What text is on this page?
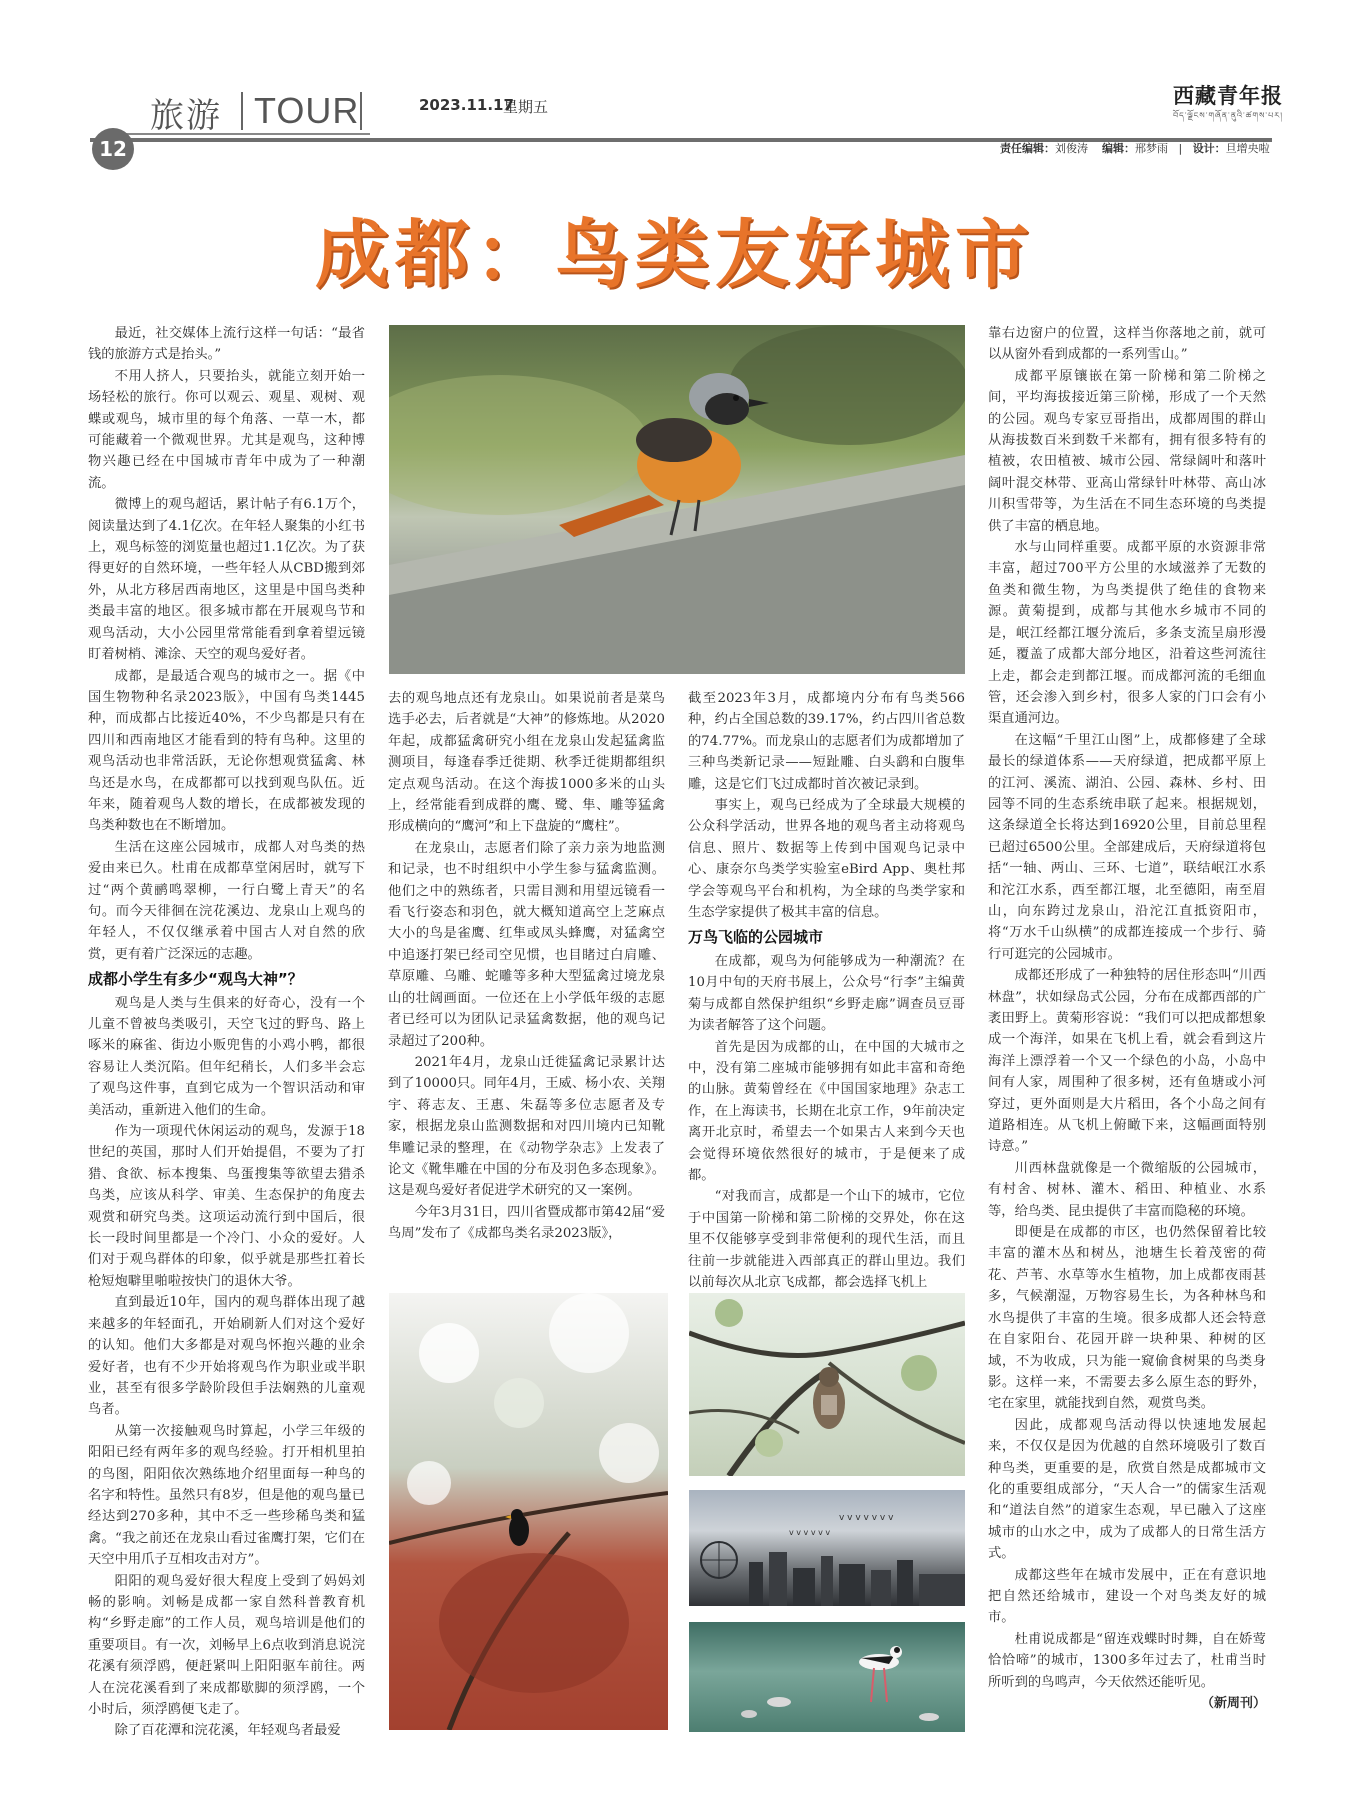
旅游 TOUR	2023.11.17
星期五	西藏青年报
བོད་ལྗོངས་གཞོན་ནུའི་ཚགས་པར།
12	责任编辑：刘俊涛 编辑：邢梦雨   |   设计：旦增央啦
成都：鸟类友好城市
v v v v v v v
v v v v v v

最近，社交媒体上流行这样一句话：“最省钱的旅游方式是抬头。”

不用人挤人，只要抬头，就能立刻开始一场轻松的旅行。你可以观云、观星、观树、观蝶或观鸟，城市里的每个角落、一草一木，都可能藏着一个微观世界。尤其是观鸟，这种博物兴趣已经在中国城市青年中成为了一种潮流。

微博上的观鸟超话，累计帖子有6.1万个，阅读量达到了4.1亿次。在年轻人聚集的小红书上，观鸟标签的浏览量也超过1.1亿次。为了获得更好的自然环境，一些年轻人从CBD搬到郊外，从北方移居西南地区，这里是中国鸟类种类最丰富的地区。很多城市都在开展观鸟节和观鸟活动，大小公园里常常能看到拿着望远镜盯着树梢、滩涂、天空的观鸟爱好者。

成都，是最适合观鸟的城市之一。据《中国生物物种名录2023版》，中国有鸟类1445种，而成都占比接近40%，不少鸟都是只有在四川和西南地区才能看到的特有鸟种。这里的观鸟活动也非常活跃，无论你想观赏猛禽、林鸟还是水鸟，在成都都可以找到观鸟队伍。近年来，随着观鸟人数的增长，在成都被发现的鸟类种数也在不断增加。

生活在这座公园城市，成都人对鸟类的热爱由来已久。杜甫在成都草堂闲居时，就写下过“两个黄鹂鸣翠柳，一行白鹭上青天”的名句。而今天徘徊在浣花溪边、龙泉山上观鸟的年轻人，不仅仅继承着中国古人对自然的欣赏，更有着广泛深远的志趣。

成都小学生有多少“观鸟大神”？

观鸟是人类与生俱来的好奇心，没有一个儿童不曾被鸟类吸引，天空飞过的野鸟、路上啄米的麻雀、街边小贩兜售的小鸡小鸭，都很容易让人类沉陷。但年纪稍长，人们多半会忘了观鸟这件事，直到它成为一个智识活动和审美活动，重新进入他们的生命。

作为一项现代休闲运动的观鸟，发源于18世纪的英国，那时人们开始提倡，不要为了打猎、食欲、标本搜集、鸟蛋搜集等欲望去猎杀鸟类，应该从科学、审美、生态保护的角度去观赏和研究鸟类。这项运动流行到中国后，很长一段时间里都是一个冷门、小众的爱好。人们对于观鸟群体的印象，似乎就是那些扛着长枪短炮噼里啪啦按快门的退休大爷。

直到最近10年，国内的观鸟群体出现了越来越多的年轻面孔，开始刷新人们对这个爱好的认知。他们大多都是对观鸟怀抱兴趣的业余爱好者，也有不少开始将观鸟作为职业或半职业，甚至有很多学龄阶段但手法娴熟的儿童观鸟者。

从第一次接触观鸟时算起，小学三年级的阳阳已经有两年多的观鸟经验。打开相机里拍的鸟图，阳阳依次熟练地介绍里面每一种鸟的名字和特性。虽然只有8岁，但是他的观鸟量已经达到270多种，其中不乏一些珍稀鸟类和猛禽。“我之前还在龙泉山看过雀鹰打架，它们在天空中用爪子互相攻击对方”。

阳阳的观鸟爱好很大程度上受到了妈妈刘畅的影响。刘畅是成都一家自然科普教育机构“乡野走廊”的工作人员，观鸟培训是他们的重要项目。有一次，刘畅早上6点收到消息说浣花溪有须浮鸥，便赶紧叫上阳阳驱车前往。两人在浣花溪看到了来成都歇脚的须浮鸥，一个小时后，须浮鸥便飞走了。

除了百花潭和浣花溪，年轻观鸟者最爱

去的观鸟地点还有龙泉山。如果说前者是菜鸟选手必去，后者就是“大神”的修炼地。从2020年起，成都猛禽研究小组在龙泉山发起猛禽监测项目，每逢春季迁徙期、秋季迁徙期都组织定点观鸟活动。在这个海拔1000多米的山头上，经常能看到成群的鹰、鹭、隼、雕等猛禽形成横向的“鹰河”和上下盘旋的“鹰柱”。

在龙泉山，志愿者们除了亲力亲为地监测和记录，也不时组织中小学生参与猛禽监测。他们之中的熟练者，只需目测和用望远镜看一看飞行姿态和羽色，就大概知道高空上芝麻点大小的鸟是雀鹰、红隼或凤头蜂鹰，对猛禽空中追逐打架已经司空见惯，也目睹过白肩雕、草原雕、乌雕、蛇雕等多种大型猛禽过境龙泉山的壮阔画面。一位还在上小学低年级的志愿者已经可以为团队记录猛禽数据，他的观鸟记录超过了200种。

2021年4月，龙泉山迁徙猛禽记录累计达到了10000只。同年4月，王威、杨小农、关翔宇、蒋志友、王惠、朱磊等多位志愿者及专家，根据龙泉山监测数据和对四川境内已知靴隼雕记录的整理，在《动物学杂志》上发表了论文《靴隼雕在中国的分布及羽色多态现象》。这是观鸟爱好者促进学术研究的又一案例。

今年3月31日，四川省暨成都市第42届“爱鸟周”发布了《成都鸟类名录2023版》，

截至2023年3月，成都境内分布有鸟类566种，约占全国总数的39.17%，约占四川省总数的74.77%。而龙泉山的志愿者们为成都增加了三种鸟类新记录——短趾雕、白头鹞和白腹隼雕，这是它们飞过成都时首次被记录到。

事实上，观鸟已经成为了全球最大规模的公众科学活动，世界各地的观鸟者主动将观鸟信息、照片、数据等上传到中国观鸟记录中心、康奈尔鸟类学实验室eBird App、奥杜邦学会等观鸟平台和机构，为全球的鸟类学家和生态学家提供了极其丰富的信息。

万鸟飞临的公园城市

在成都，观鸟为何能够成为一种潮流？在10月中旬的天府书展上，公众号“行李”主编黄菊与成都自然保护组织“乡野走廊”调查员豆哥为读者解答了这个问题。

首先是因为成都的山，在中国的大城市之中，没有第二座城市能够拥有如此丰富和奇绝的山脉。黄菊曾经在《中国国家地理》杂志工作，在上海读书，长期在北京工作，9年前决定离开北京时，希望去一个如果古人来到今天也会觉得环境依然很好的城市，于是便来了成都。

“对我而言，成都是一个山下的城市，它位于中国第一阶梯和第二阶梯的交界处，你在这里不仅能够享受到非常便利的现代生活，而且往前一步就能进入西部真正的群山里边。我们以前每次从北京飞成都，都会选择飞机上

靠右边窗户的位置，这样当你落地之前，就可以从窗外看到成都的一系列雪山。”

成都平原镶嵌在第一阶梯和第二阶梯之间，平均海拔接近第三阶梯，形成了一个天然的公园。观鸟专家豆哥指出，成都周围的群山从海拔数百米到数千米都有，拥有很多特有的植被，农田植被、城市公园、常绿阔叶和落叶阔叶混交林带、亚高山常绿针叶林带、高山冰川积雪带等，为生活在不同生态环境的鸟类提供了丰富的栖息地。

水与山同样重要。成都平原的水资源非常丰富，超过700平方公里的水域滋养了无数的鱼类和微生物，为鸟类提供了绝佳的食物来源。黄菊提到，成都与其他水乡城市不同的是，岷江经都江堰分流后，多条支流呈扇形漫延，覆盖了成都大部分地区，沿着这些河流往上走，都会走到都江堰。而成都河流的毛细血管，还会渗入到乡村，很多人家的门口会有小渠直通河边。

在这幅“千里江山图”上，成都修建了全球最长的绿道体系——天府绿道，把成都平原上的江河、溪流、湖泊、公园、森林、乡村、田园等不同的生态系统串联了起来。根据规划，这条绿道全长将达到16920公里，目前总里程已超过6500公里。全部建成后，天府绿道将包括“一轴、两山、三环、七道”，联结岷江水系和沱江水系，西至都江堰，北至德阳，南至眉山，向东跨过龙泉山，沿沱江直抵资阳市，将“万水千山纵横”的成都连接成一个步行、骑行可逛完的公园城市。

成都还形成了一种独特的居住形态叫“川西林盘”，状如绿岛式公园，分布在成都西部的广袤田野上。黄菊形容说：“我们可以把成都想象成一个海洋，如果在飞机上看，就会看到这片海洋上漂浮着一个又一个绿色的小岛，小岛中间有人家，周围种了很多树，还有鱼塘或小河穿过，更外面则是大片稻田，各个小岛之间有道路相连。从飞机上俯瞰下来，这幅画面特别诗意。”

川西林盘就像是一个微缩版的公园城市，有村舍、树林、灌木、稻田、种植业、水系等，给鸟类、昆虫提供了丰富而隐秘的环境。

即便是在成都的市区，也仍然保留着比较丰富的灌木丛和树丛，池塘生长着茂密的荷花、芦苇、水草等水生植物，加上成都夜雨甚多，气候潮湿，万物容易生长，为各种林鸟和水鸟提供了丰富的生境。很多成都人还会特意在自家阳台、花园开辟一块种果、种树的区域，不为收成，只为能一窥偷食树果的鸟类身影。这样一来，不需要去多么原生态的野外，宅在家里，就能找到自然，观赏鸟类。

因此，成都观鸟活动得以快速地发展起来，不仅仅是因为优越的自然环境吸引了数百种鸟类，更重要的是，欣赏自然是成都城市文化的重要组成部分，“天人合一”的儒家生活观和“道法自然”的道家生态观，早已融入了这座城市的山水之中，成为了成都人的日常生活方式。

成都这些年在城市发展中，正在有意识地把自然还给城市，建设一个对鸟类友好的城市。

杜甫说成都是“留连戏蝶时时舞，自在娇莺恰恰啼”的城市，1300多年过去了，杜甫当时所听到的鸟鸣声，今天依然还能听见。

（新周刊）
